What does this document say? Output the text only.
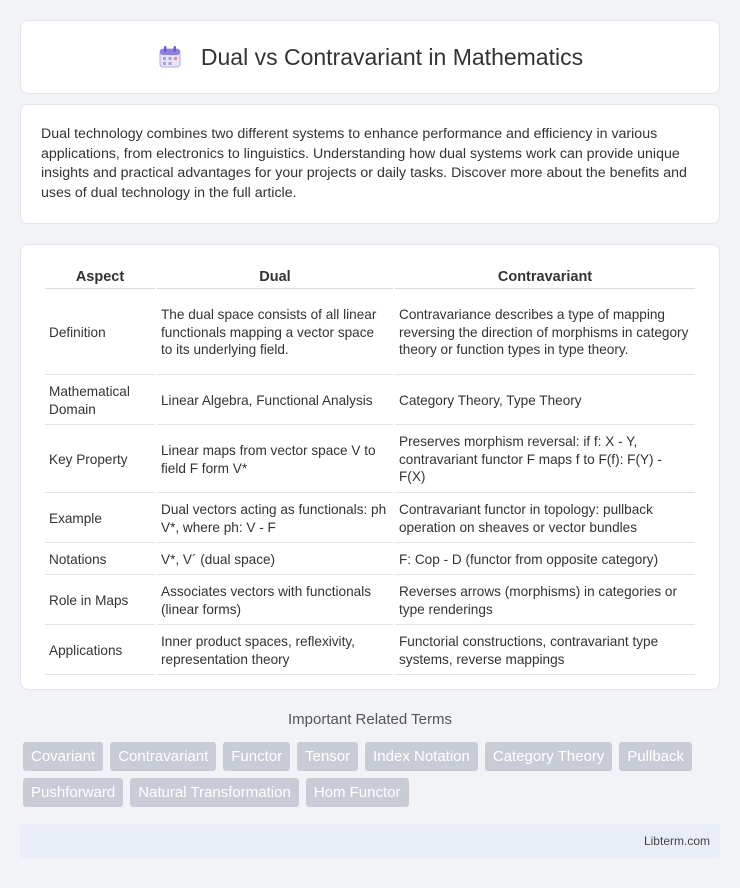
Dual vs Contravariant in Mathematics

Dual technology combines two different systems to enhance performance and efficiency in various applications, from electronics to linguistics. Understanding how dual systems work can provide unique insights and practical advantages for your projects or daily tasks. Discover more about the benefits and uses of dual technology in the full article.

Aspect	Dual	Contravariant
Definition	The dual space consists of all linear functionals mapping a vector space to its underlying field.	Contravariance describes a type of mapping reversing the direction of morphisms in category theory or function types in type theory.
Mathematical Domain	Linear Algebra, Functional Analysis	Category Theory, Type Theory
Key Property	Linear maps from vector space V to field F form V*	Preserves morphism reversal: if f: X - Y, contravariant functor F maps f to F(f): F(Y) - F(X)
Example	Dual vectors acting as functionals: ph V*, where ph: V - F	Contravariant functor in topology: pullback operation on sheaves or vector bundles
Notations	V*, V´ (dual space)	F: Cop - D (functor from opposite category)
Role in Maps	Associates vectors with functionals (linear forms)	Reverses arrows (morphisms) in categories or type renderings
Applications	Inner product spaces, reflexivity, representation theory	Functorial constructions, contravariant type systems, reverse mappings
Important Related Terms
Covariant	Contravariant	Functor	Tensor	Index Notation	Category Theory	Pullback
Pushforward	Natural Transformation	Hom Functor
Libterm.com
